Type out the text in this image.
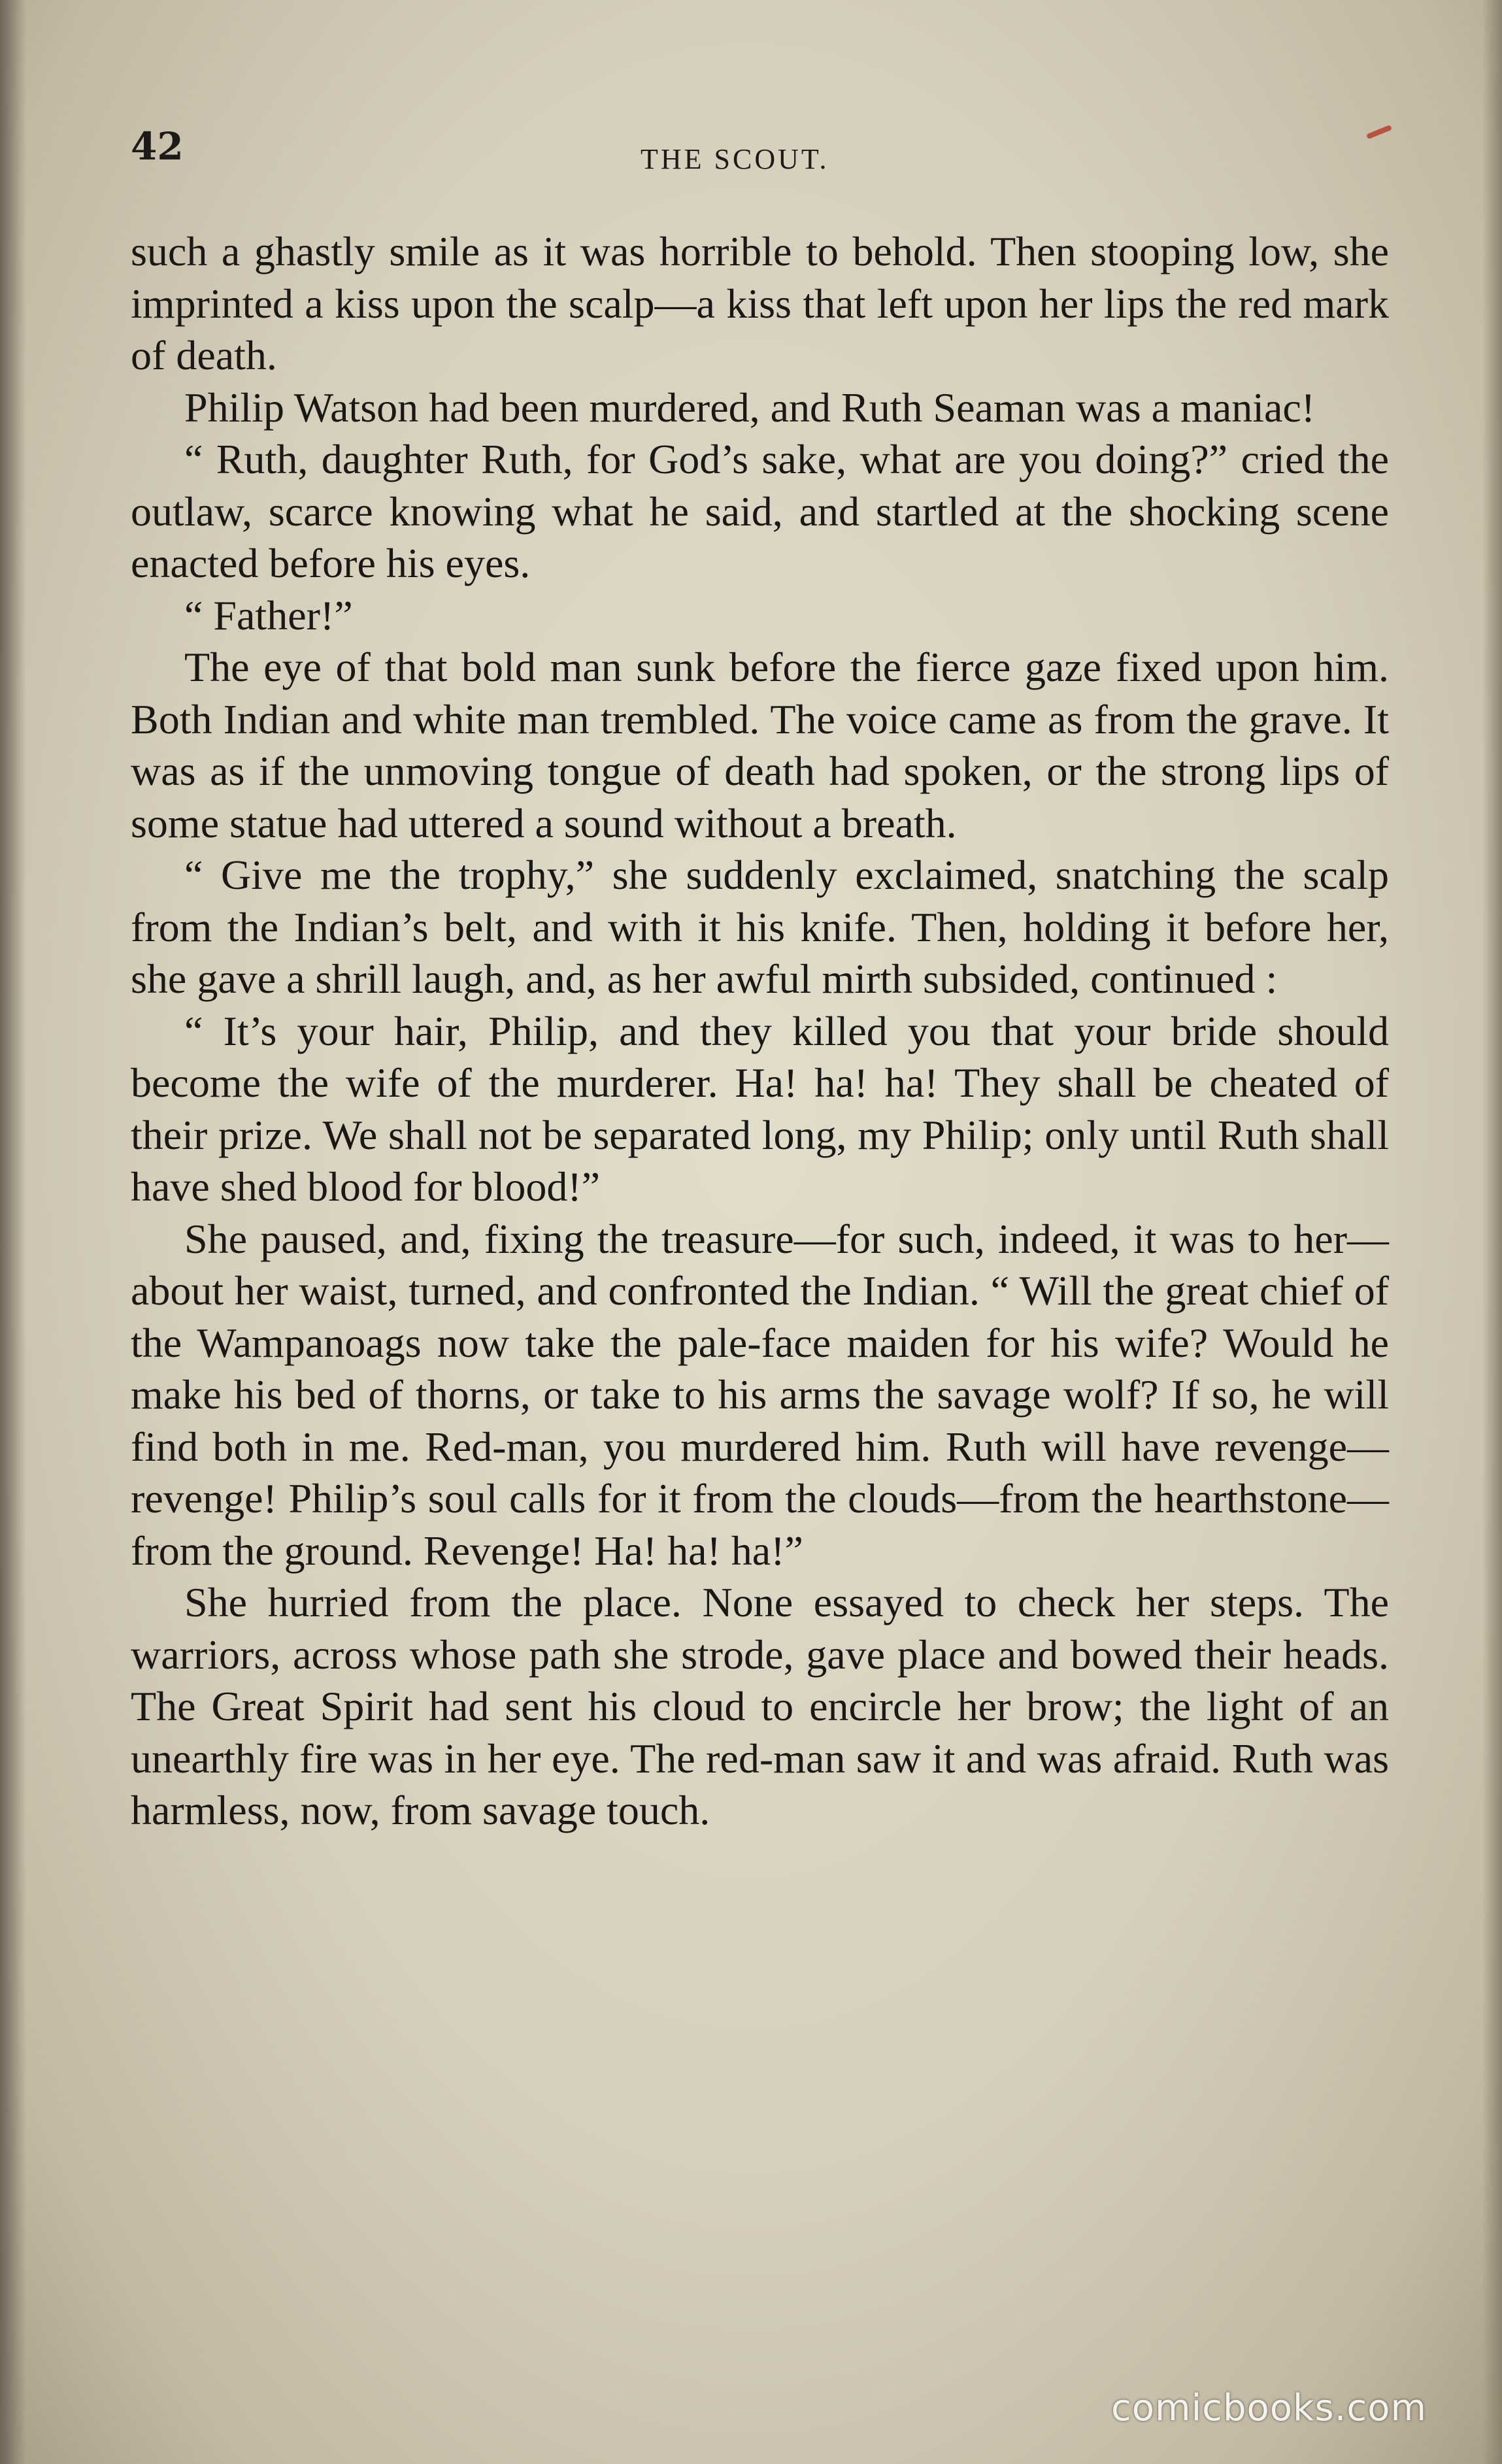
42	THE SCOUT.

such a ghastly smile as it was horrible to behold. Then stooping low, she imprinted a kiss upon the scalp—a kiss that left upon her lips the red mark of death.

Philip Watson had been murdered, and Ruth Seaman was a maniac!

“ Ruth, daughter Ruth, for God’s sake, what are you doing?” cried the outlaw, scarce knowing what he said, and startled at the shocking scene enacted before his eyes.

“ Father!”

The eye of that bold man sunk before the fierce gaze fixed upon him. Both Indian and white man trembled. The voice came as from the grave. It was as if the unmoving tongue of death had spoken, or the strong lips of some statue had uttered a sound without a breath.

“ Give me the trophy,” she suddenly exclaimed, snatching the scalp from the Indian’s belt, and with it his knife. Then, holding it before her, she gave a shrill laugh, and, as her awful mirth subsided, continued :

“ It’s your hair, Philip, and they killed you that your bride should become the wife of the murderer. Ha! ha! ha! They shall be cheated of their prize. We shall not be separated long, my Philip; only until Ruth shall have shed blood for blood!”

She paused, and, fixing the treasure—for such, indeed, it was to her—about her waist, turned, and confronted the Indian. “ Will the great chief of the Wampanoags now take the pale-face maiden for his wife? Would he make his bed of thorns, or take to his arms the savage wolf? If so, he will find both in me. Red-man, you murdered him. Ruth will have revenge—revenge! Philip’s soul calls for it from the clouds—from the hearthstone—from the ground. Revenge! Ha! ha! ha!”

She hurried from the place. None essayed to check her steps. The warriors, across whose path she strode, gave place and bowed their heads. The Great Spirit had sent his cloud to encircle her brow; the light of an unearthly fire was in her eye. The red-man saw it and was afraid. Ruth was harmless, now, from savage touch.

comicbooks.com
